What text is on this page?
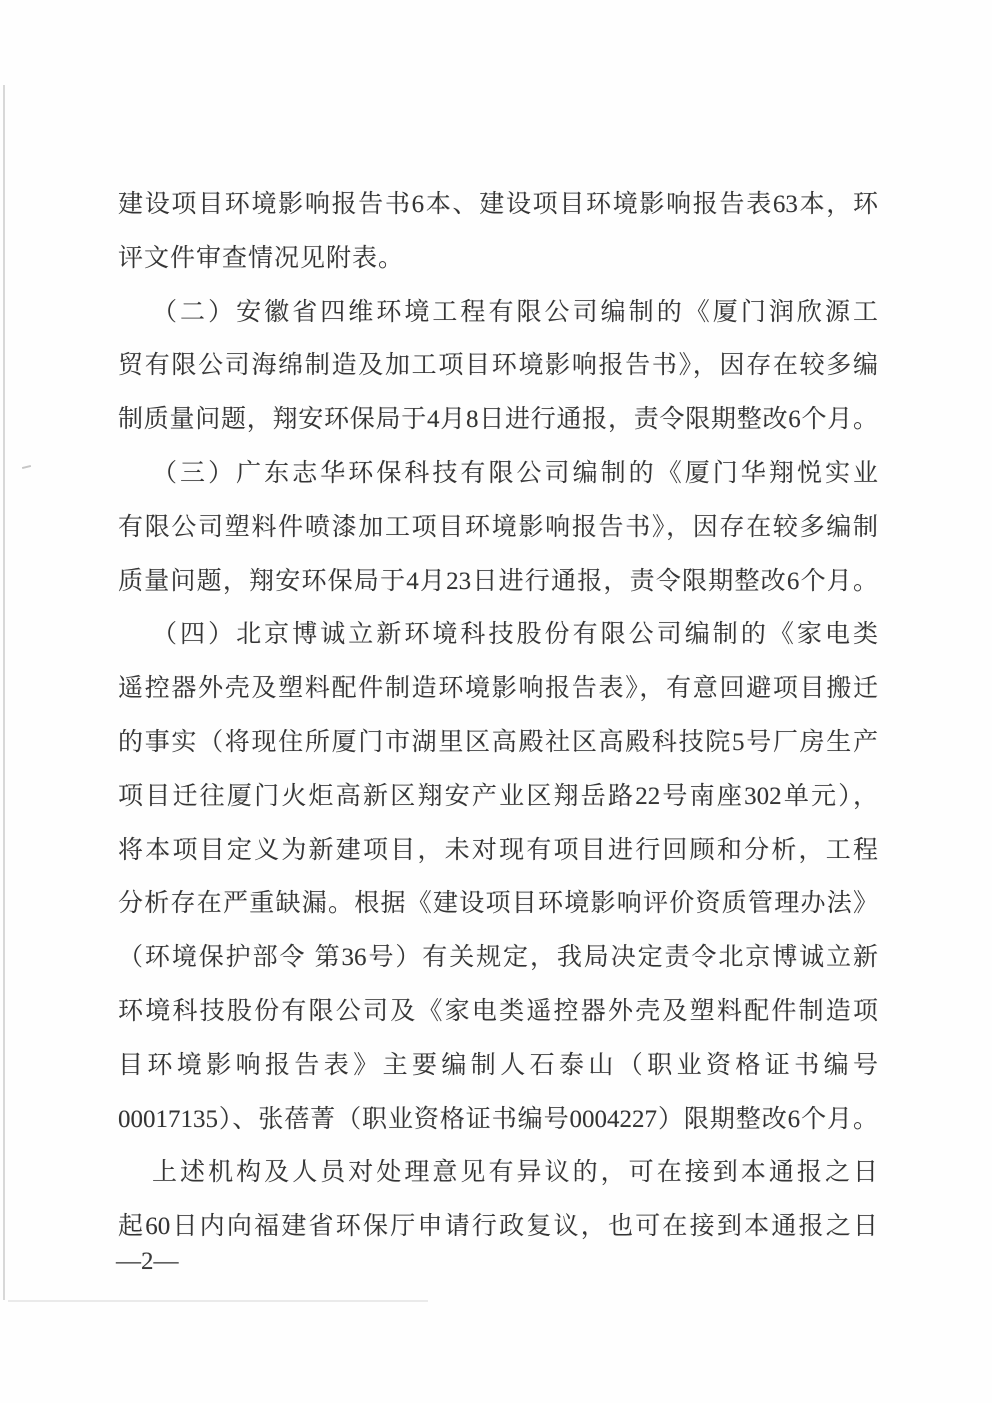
建设项目环境影响报告书6本、建设项目环境影响报告表63本，环
评文件审查情况见附表。
（二）安徽省四维环境工程有限公司编制的《厦门润欣源工
贸有限公司海绵制造及加工项目环境影响报告书》，因存在较多编
制质量问题，翔安环保局于4月8日进行通报，责令限期整改6个月。
（三）广东志华环保科技有限公司编制的《厦门华翔悦实业
有限公司塑料件喷漆加工项目环境影响报告书》，因存在较多编制
质量问题，翔安环保局于4月23日进行通报，责令限期整改6个月。
（四）北京博诚立新环境科技股份有限公司编制的《家电类
遥控器外壳及塑料配件制造环境影响报告表》，有意回避项目搬迁
的事实（将现住所厦门市湖里区高殿社区高殿科技院5号厂房生产
项目迁往厦门火炬高新区翔安产业区翔岳路22号南座302单元），
将本项目定义为新建项目，未对现有项目进行回顾和分析，工程
分析存在严重缺漏。根据《建设项目环境影响评价资质管理办法》
（环境保护部令 第36号）有关规定，我局决定责令北京博诚立新
环境科技股份有限公司及《家电类遥控器外壳及塑料配件制造项
目环境影响报告表》主要编制人石泰山（职业资格证书编号
00017135）、张蓓菁（职业资格证书编号0004227）限期整改6个月。
上述机构及人员对处理意见有异议的，可在接到本通报之日
起60日内向福建省环保厅申请行政复议，也可在接到本通报之日
—2—
